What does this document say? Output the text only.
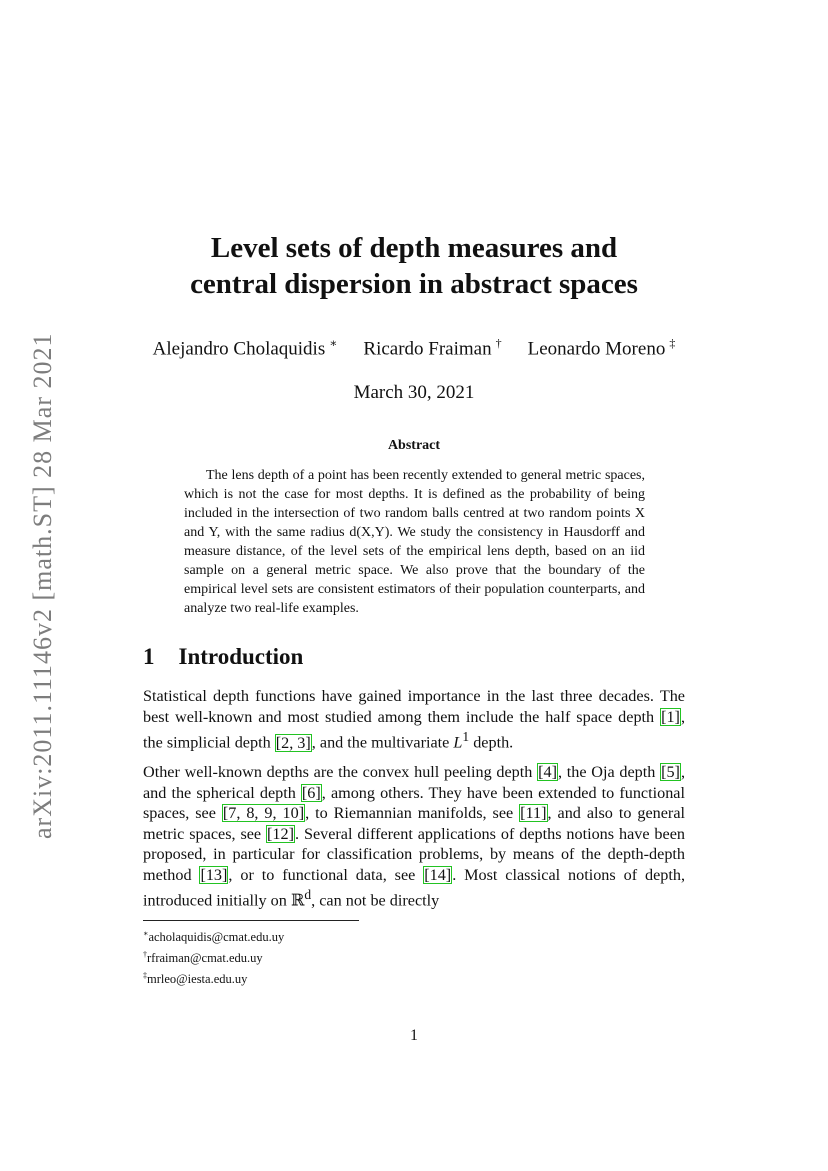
arXiv:2011.11146v2 [math.ST] 28 Mar 2021
Level sets of depth measures and
central dispersion in abstract spaces
Alejandro Cholaquidis ∗ Ricardo Fraiman † Leonardo Moreno ‡
March 30, 2021
Abstract
The lens depth of a point has been recently extended to general metric spaces, which is not the case for most depths. It is defined as the probability of being included in the intersection of two random balls centred at two random points X and Y, with the same radius d(X,Y). We study the consistency in Hausdorff and measure distance, of the level sets of the empirical lens depth, based on an iid sample on a general metric space. We also prove that the boundary of the empirical level sets are consistent estimators of their population counterparts, and analyze two real-life examples.
1 Introduction

Statistical depth functions have gained importance in the last three decades. The best well-known and most studied among them include the half space depth [1], the simplicial depth [2, 3], and the multivariate $L^1$ depth.

Other well-known depths are the convex hull peeling depth [4], the Oja depth [5], and the spherical depth [6], among others. They have been extended to functional spaces, see [7, 8, 9, 10], to Riemannian manifolds, see [11], and also to general metric spaces, see [12]. Several different applications of depths notions have been proposed, in particular for classification problems, by means of the depth-depth method [13], or to functional data, see [14]. Most classical notions of depth, introduced initially on ℝ$^d$, can not be directly

∗acholaquidis@cmat.edu.uy
†rfraiman@cmat.edu.uy
‡mrleo@iesta.edu.uy
1
